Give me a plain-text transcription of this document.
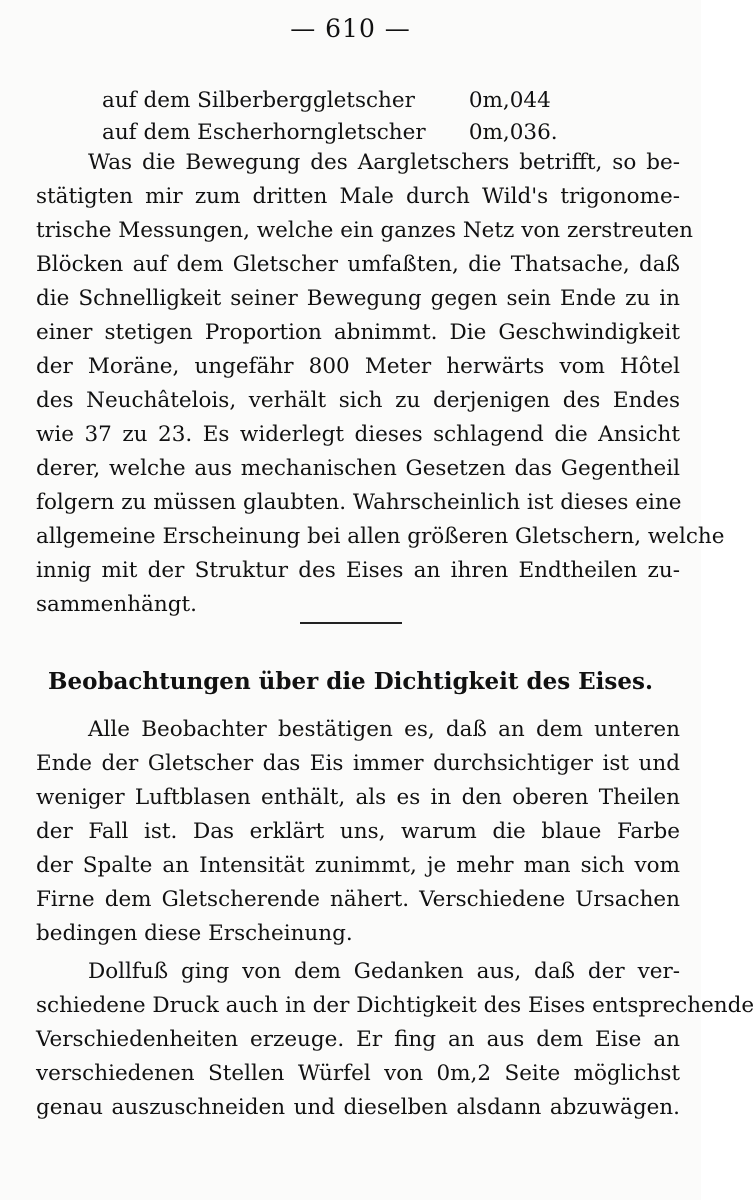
— 610 —
auf dem Silberberggletscher	0m,044
auf dem Escherhorngletscher 0m,036.
Was die Bewegung des Aargletschers betrifft, so be-
stätigten mir zum dritten Male durch Wild's trigonome-
trische Messungen, welche ein ganzes Netz von zerstreuten
Blöcken auf dem Gletscher umfaßten, die Thatsache, daß
die Schnelligkeit seiner Bewegung gegen sein Ende zu in
einer stetigen Proportion abnimmt. Die Geschwindigkeit
der Moräne, ungefähr 800 Meter herwärts vom Hôtel
des Neuchâtelois, verhält sich zu derjenigen des Endes
wie 37 zu 23. Es widerlegt dieses schlagend die Ansicht
derer, welche aus mechanischen Gesetzen das Gegentheil
folgern zu müssen glaubten. Wahrscheinlich ist dieses eine
allgemeine Erscheinung bei allen größeren Gletschern, welche
innig mit der Struktur des Eises an ihren Endtheilen zu-
sammenhängt.
Beobachtungen über die Dichtigkeit des Eises.
Alle Beobachter bestätigen es, daß an dem unteren
Ende der Gletscher das Eis immer durchsichtiger ist und
weniger Luftblasen enthält, als es in den oberen Theilen
der Fall ist. Das erklärt uns, warum die blaue Farbe
der Spalte an Intensität zunimmt, je mehr man sich vom
Firne dem Gletscherende nähert. Verschiedene Ursachen
bedingen diese Erscheinung.
Dollfuß ging von dem Gedanken aus, daß der ver-
schiedene Druck auch in der Dichtigkeit des Eises entsprechende
Verschiedenheiten erzeuge. Er fing an aus dem Eise an
verschiedenen Stellen Würfel von 0m,2 Seite möglichst
genau auszuschneiden und dieselben alsdann abzuwägen.
